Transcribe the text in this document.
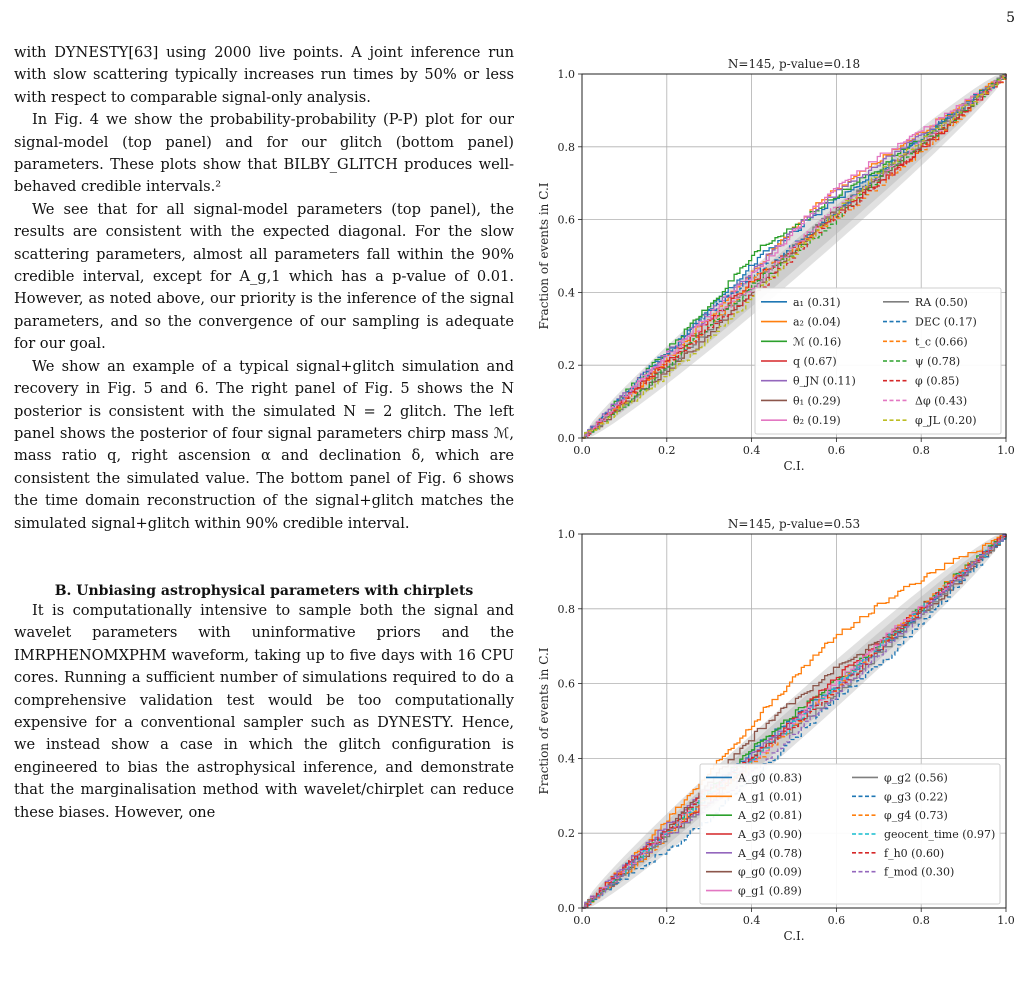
5

with DYNESTY[63] using 2000 live points. A joint inference run with slow scattering typically increases run times by 50% or less with respect to comparable signal-only analysis.

In Fig. 4 we show the probability-probability (P-P) plot for our signal-model (top panel) and for our glitch (bottom panel) parameters. These plots show that BILBY_GLITCH produces well-behaved credible intervals.²

We see that for all signal-model parameters (top panel), the results are consistent with the expected diagonal. For the slow scattering parameters, almost all parameters fall within the 90% credible interval, except for A_g,1 which has a p-value of 0.01. However, as noted above, our priority is the inference of the signal parameters, and so the convergence of our sampling is adequate for our goal.

We show an example of a typical signal+glitch simulation and recovery in Fig. 5 and 6. The right panel of Fig. 5 shows the N posterior is consistent with the simulated N = 2 glitch. The left panel shows the posterior of four signal parameters chirp mass ℳ, mass ratio q, right ascension α and declination δ, which are consistent the simulated value. The bottom panel of Fig. 6 shows the time domain reconstruction of the signal+glitch matches the simulated signal+glitch within 90% credible interval.

B. Unbiasing astrophysical parameters with chirplets

It is computationally intensive to sample both the signal and wavelet parameters with uninformative priors and the IMRPHENOMXPHM waveform, taking up to five days with 16 CPU cores. Running a sufficient number of simulations required to do a comprehensive validation test would be too computationally expensive for a conventional sampler such as DYNESTY. Hence, we instead show a case in which the glitch configuration is engineered to bias the astrophysical inference, and demonstrate that the marginalisation method with wavelet/chirplet can reduce these biases. However, one

N=145, p-value=0.18
0.0	0.2	0.4	0.6	0.8	1.0
0.0
0.2
0.4
0.6
0.8
1.0
C.I.
Fraction of events in C.I	a₁ (0.31)
a₂ (0.04)
ℳ (0.16)
q (0.67)
θ_JN (0.11)
θ₁ (0.29)
θ₂ (0.19)
RA (0.50)
DEC (0.17)
t_c (0.66)
ψ (0.78)
φ (0.85)
Δφ (0.43)
φ_JL (0.20)
N=145, p-value=0.53
0.0	0.2	0.4	0.6	0.8	1.0
0.0
0.2
0.4
0.6
0.8
1.0
C.I.
Fraction of events in C.I	A_g0 (0.83)
A_g1 (0.01)
A_g2 (0.81)
A_g3 (0.90)
A_g4 (0.78)
φ_g0 (0.09)
φ_g1 (0.89)
φ_g2 (0.56)
φ_g3 (0.22)
φ_g4 (0.73)
geocent_time (0.97)
f_h0 (0.60)
f_mod (0.30)
